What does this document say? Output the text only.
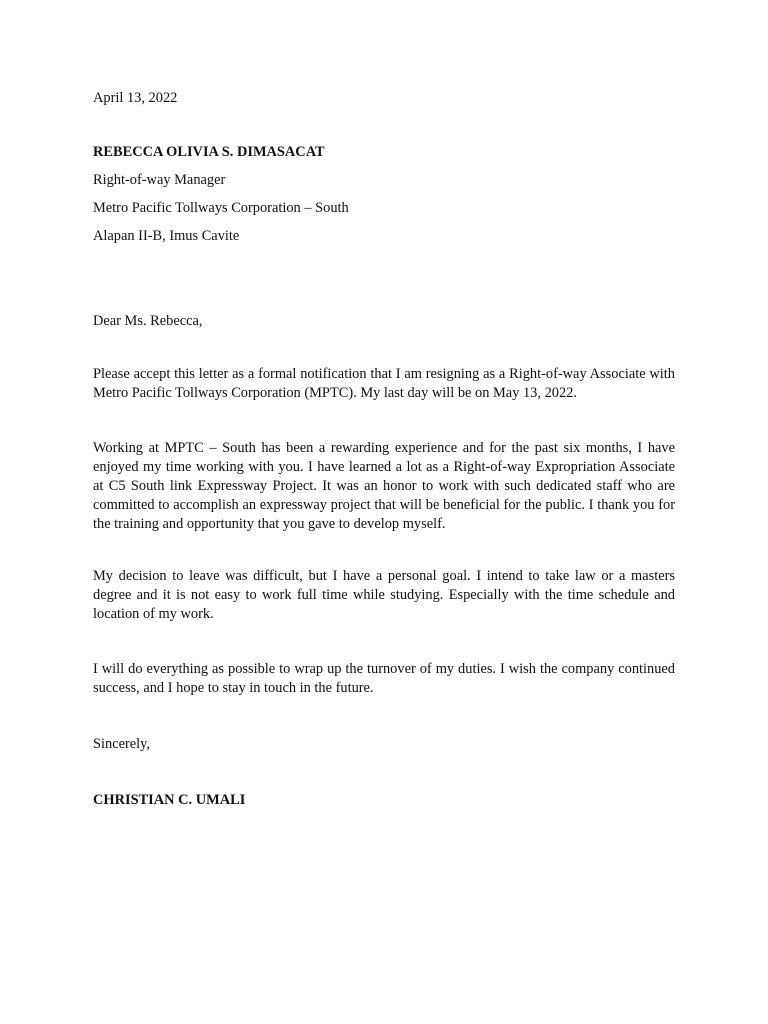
April 13, 2022
REBECCA OLIVIA S. DIMASACAT
Right-of-way Manager
Metro Pacific Tollways Corporation – South
Alapan II-B, Imus Cavite
Dear Ms. Rebecca,

Please accept this letter as a formal notification that I am resigning as a Right-of-way Associate with Metro Pacific Tollways Corporation (MPTC). My last day will be on May 13, 2022.

Working at MPTC – South has been a rewarding experience and for the past six months, I have enjoyed my time working with you. I have learned a lot as a Right-of-way Expropriation Associate at C5 South link Expressway Project. It was an honor to work with such dedicated staff who are committed to accomplish an expressway project that will be beneficial for the public. I thank you for the training and opportunity that you gave to develop myself.

My decision to leave was difficult, but I have a personal goal. I intend to take law or a masters degree and it is not easy to work full time while studying. Especially with the time schedule and location of my work.

I will do everything as possible to wrap up the turnover of my duties. I wish the company continued success, and I hope to stay in touch in the future.

Sincerely,
CHRISTIAN C. UMALI
